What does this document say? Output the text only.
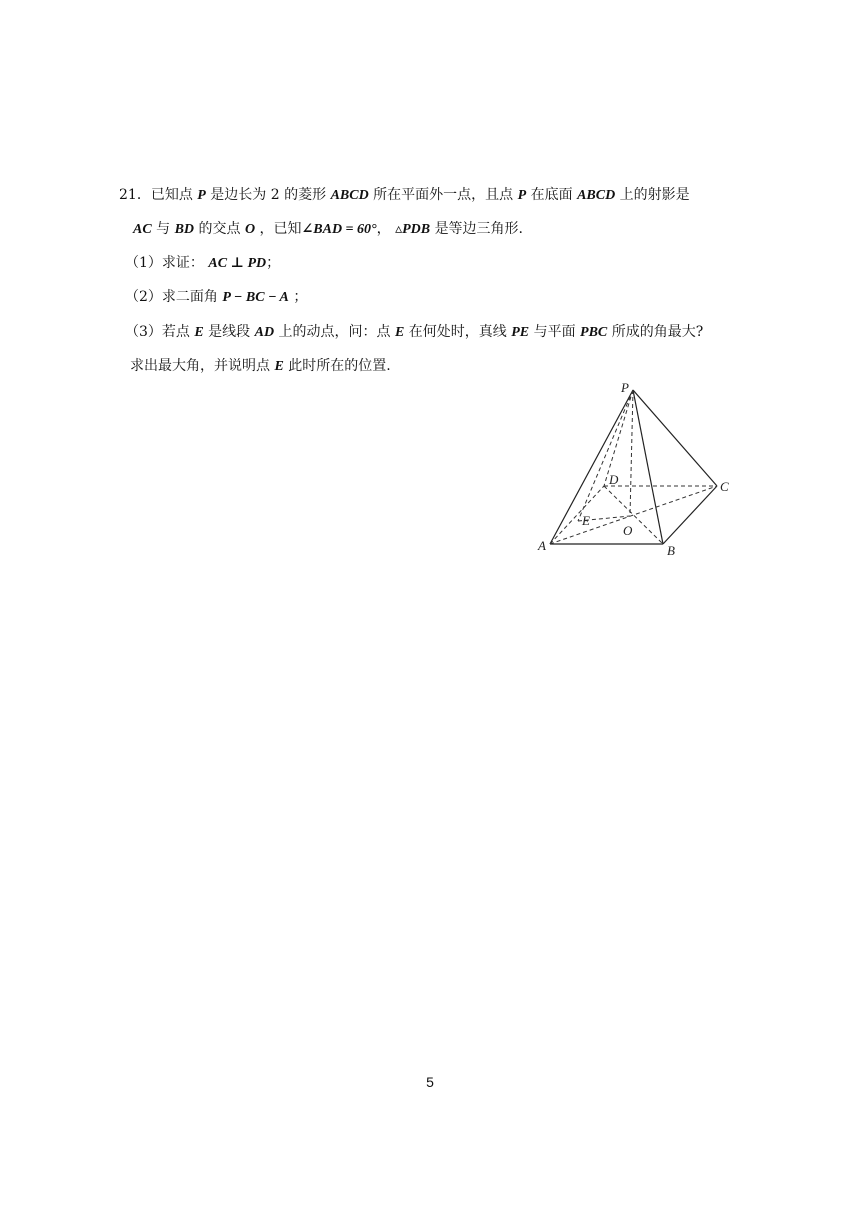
21．已知点 P 是边长为 2 的菱形 ABCD 所在平面外一点，且点 P 在底面 ABCD 上的射影是
AC 与 BD 的交点 O ，已知∠BAD = 60°， ▵PDB 是等边三角形.
（1）求证： AC ⊥ PD；
（2）求二面角 P − BC − A ；
（3）若点 E 是线段 AD 上的动点，问：点 E 在何处时，真线 PE 与平面 PBC 所成的角最大?
求出最大角，并说明点 E 此时所在的位置.
P
D	C
E
O
A	B
5
